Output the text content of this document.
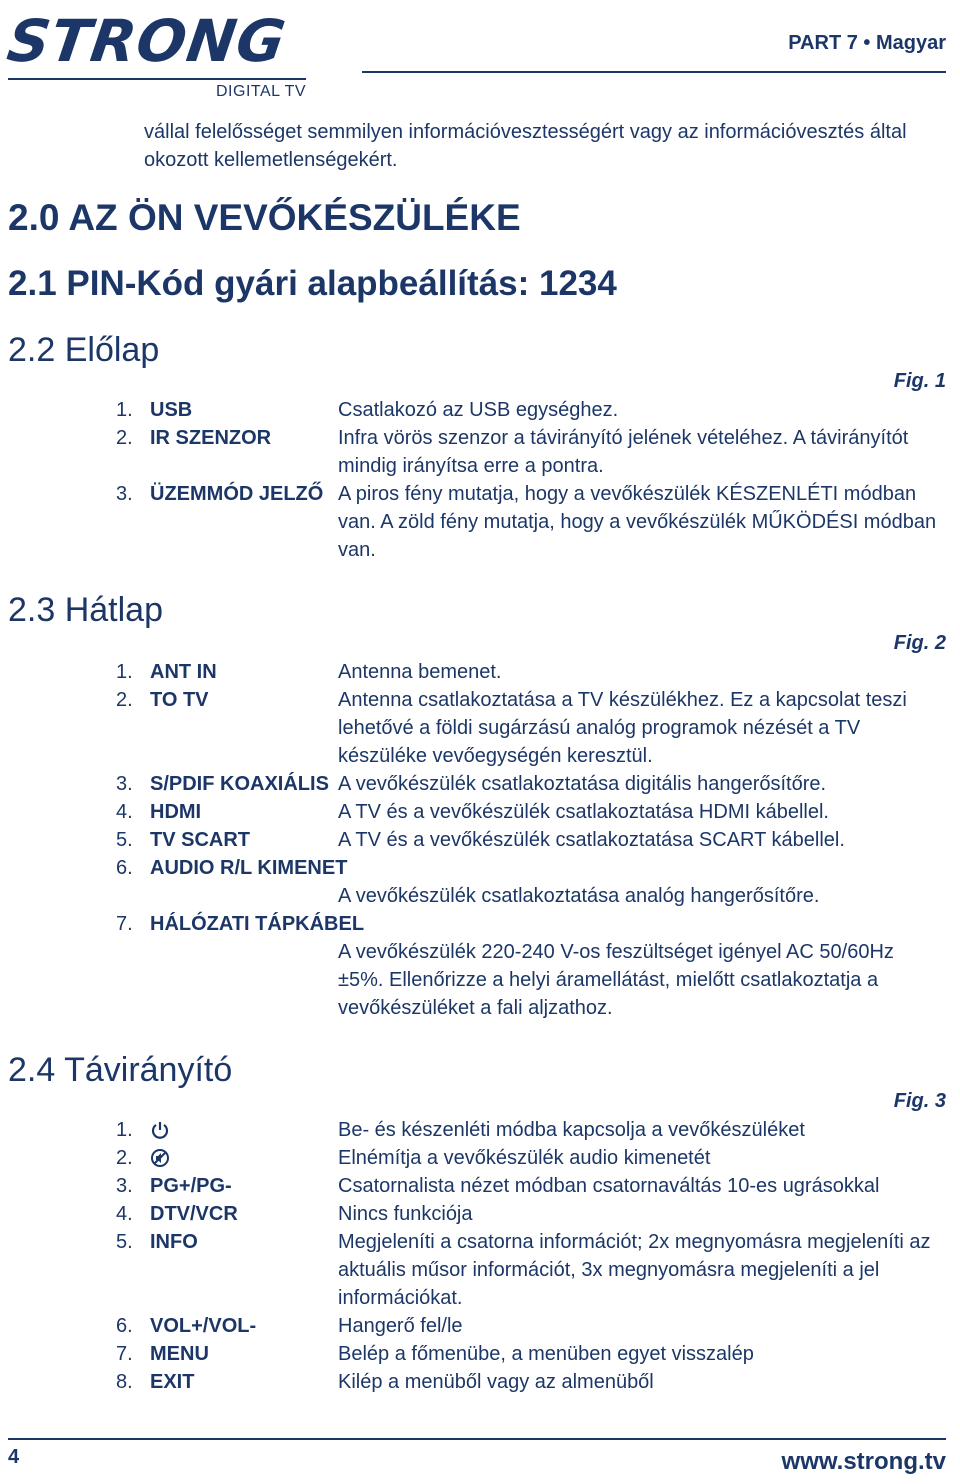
STRONG
DIGITAL TV
PART 7 • Magyar
vállal felelősséget semmilyen információvesztességért vagy az információvesztés által okozott kellemetlenségekért.
2.0 AZ ÖN VEVŐKÉSZÜLÉKE
2.1 PIN-Kód gyári alapbeállítás: 1234
2.2 Előlap
Fig. 1
1. USB	Csatlakozó az USB egységhez.
2. IR SZENZOR	Infra vörös szenzor a távirányító jelének vételéhez. A távirányítót mindig irányítsa erre a pontra.
3. ÜZEMMÓD JELZŐ A piros fény mutatja, hogy a vevőkészülék KÉSZENLÉTI módban van. A zöld fény mutatja, hogy a vevőkészülék MŰKÖDÉSI módban van.
2.3 Hátlap
Fig. 2
1. ANT IN	Antenna bemenet.
2. TO TV	Antenna csatlakoztatása a TV készülékhez. Ez a kapcsolat teszi lehetővé a földi sugárzású analóg programok nézését a TV készüléke vevőegységén keresztül.
3. S/PDIF KOAXIÁLIS A vevőkészülék csatlakoztatása digitális hangerősítőre.
4. HDMI	A TV és a vevőkészülék csatlakoztatása HDMI kábellel.
5. TV SCART	A TV és a vevőkészülék csatlakoztatása SCART kábellel.
6. AUDIO R/L KIMENET
A vevőkészülék csatlakoztatása analóg hangerősítőre.
7. HÁLÓZATI TÁPKÁBEL
A vevőkészülék 220-240 V-os feszültséget igényel AC 50/60Hz ±5%. Ellenőrizze a helyi áramellátást, mielőtt csatlakoztatja a vevőkészüléket a fali aljzathoz.
2.4 Távirányító
Fig. 3
1.	Be- és készenléti módba kapcsolja a vevőkészüléket
2.	Elnémítja a vevőkészülék audio kimenetét
3. PG+/PG-	Csatornalista nézet módban csatornaváltás 10-es ugrásokkal
4. DTV/VCR	Nincs funkciója
5. INFO	Megjeleníti a csatorna információt; 2x megnyomásra megjeleníti az aktuális műsor információt, 3x megnyomásra megjeleníti a jel információkat.
6. VOL+/VOL-	Hangerő fel/le
7. MENU	Belép a főmenübe, a menüben egyet visszalép
8. EXIT	Kilép a menüből vagy az almenüből
4	www.strong.tv
